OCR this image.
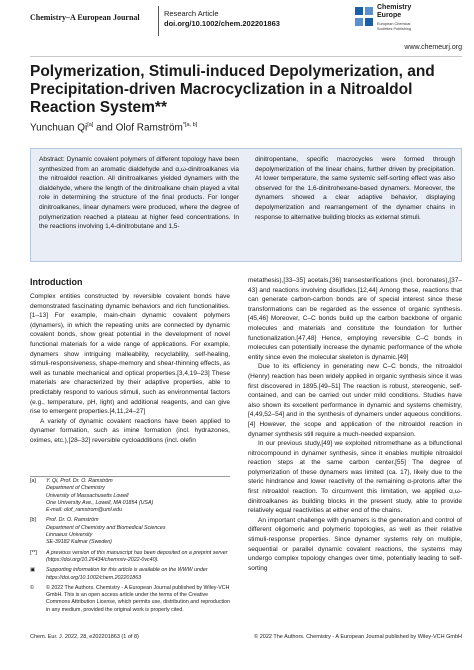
Chemistry–A European Journal	Research Article
doi.org/10.1002/chem.202201863
Chemistry
Europe
European Chemical
Societies Publishing
www.chemeurj.org
Polymerization, Stimuli-induced Depolymerization, and Precipitation-driven Macrocyclization in a Nitroaldol Reaction System**
Yunchuan Qi[a] and Olof Ramström$^{*[a, b]}$

Abstract: Dynamic covalent polymers of different topology have been synthesized from an aromatic dialdehyde and α,ω-dinitroalkanes via the nitroaldol reaction. All dinitroalkanes yielded dynamers with the dialdehyde, where the length of the dinitroalkane chain played a vital role in determining the structure of the final products. For longer dinitroalkanes, linear dynamers were produced, where the degree of polymerization reached a plateau at higher feed concentrations. In the reactions involving 1,4-dinitrobutane and 1,5-

dinitropentane, specific macrocycles were formed through depolymerization of the linear chains, further driven by precipitation. At lower temperature, the same systemic self-sorting effect was also observed for the 1,6-dinitrohexane-based dynamers. Moreover, the dynamers showed a clear adaptive behavior, displaying depolymerization and rearrangement of the dynamer chains in response to alternative building blocks as external stimuli.

Introduction

Complex entities constructed by reversible covalent bonds have demonstrated fascinating dynamic behaviors and rich functionalities.[1–13] For example, main-chain dynamic covalent polymers (dynamers), in which the repeating units are connected by dynamic covalent bonds, show great potential in the development of novel functional materials for a wide range of applications. For example, dynamers show intriguing malleability, recyclability, self-healing, stimuli-responsiveness, shape-memory and shear-thinning effects, as well as tunable mechanical and optical properties.[3,4,19–23] These materials are characterized by their adaptive properties, able to predictably respond to various stimuli, such as environmental factors (e.g., temperature, pH, light) and additional reagents, and can give rise to emergent properties.[4,11,24–27]

A variety of dynamic covalent reactions have been applied to dynamer formation, such as imine formation (incl. hydrazones, oximes, etc.),[28–32] reversible cycloadditions (incl. olefin

[a]	Y. Qi, Prof. Dr. O. Ramström
Department of Chemistry
University of Massachusetts Lowell
One University Ave., Lowell, MA 01854 (USA)
E-mail: olof_ramstrom@uml.edu
[b]	Prof. Dr. O. Ramström
Department of Chemistry and Biomedical Sciences
Linnaeus University
SE-39182 Kalmar (Sweden)
[**]	A previous version of this manuscript has been deposited on a preprint server (https://doi.org/10.26434/chemrxiv-2022-0vc40).
▣	Supporting information for this article is available on the WWW under https://doi.org/10.1002/chem.202201863
©	© 2022 The Authors. Chemistry - A European Journal published by Wiley-VCH GmbH. This is an open access article under the terms of the Creative Commons Attribution License, which permits use, distribution and reproduction in any medium, provided the original work is properly cited.

metathesis),[33–35] acetals,[36] transesterifications (incl. boronates),[37–43] and reactions involving disulfides.[12,44] Among these, reactions that can generate carbon-carbon bonds are of special interest since these transformations can be regarded as the essence of organic synthesis.[45,46] Moreover, C–C bonds build up the carbon backbone of organic molecules and materials and constitute the foundation for further functionalization.[47,48] Hence, employing reversible C–C bonds in molecules can potentially increase the dynamic performance of the whole entity since even the molecular skeleton is dynamic.[49]

Due to its efficiency in generating new C–C bonds, the nitroaldol (Henry) reaction has been widely applied in organic synthesis since it was first discovered in 1895.[49–51] The reaction is robust, stereogenic, self-contained, and can be carried out under mild conditions. Studies have also shown its excellent performance in dynamic and systems chemistry,[4,49,52–54] and in the synthesis of dynamers under aqueous conditions.[4] However, the scope and application of the nitroaldol reaction in dynamer synthesis still require a much-needed expansion.

In our previous study,[49] we exploited nitromethane as a bifunctional nitrocompound in dynamer synthesis, since it enables multiple nitroaldol reaction steps at the same carbon center.[55] The degree of polymerization of these dynamers was limited (ca. 17), likely due to the steric hindrance and lower reactivity of the remaining α-protons after the first nitroaldol reaction. To circumvent this limitation, we applied α,ω-dinitroalkanes as building blocks in the present study, able to provide relatively equal reactivities at either end of the chains.

An important challenge with dynamers is the generation and control of different oligomeric and polymeric topologies, as well as their relative stimuli-response properties. Since dynamer systems rely on multiple, sequential or parallel dynamic covalent reactions, the systems may undergo complex topology changes over time, potentially leading to self-sorting

Chem. Eur. J. 2022, 28, e202201863 (1 of 8)	© 2022 The Authors. Chemistry - A European Journal published by Wiley-VCH GmbH
